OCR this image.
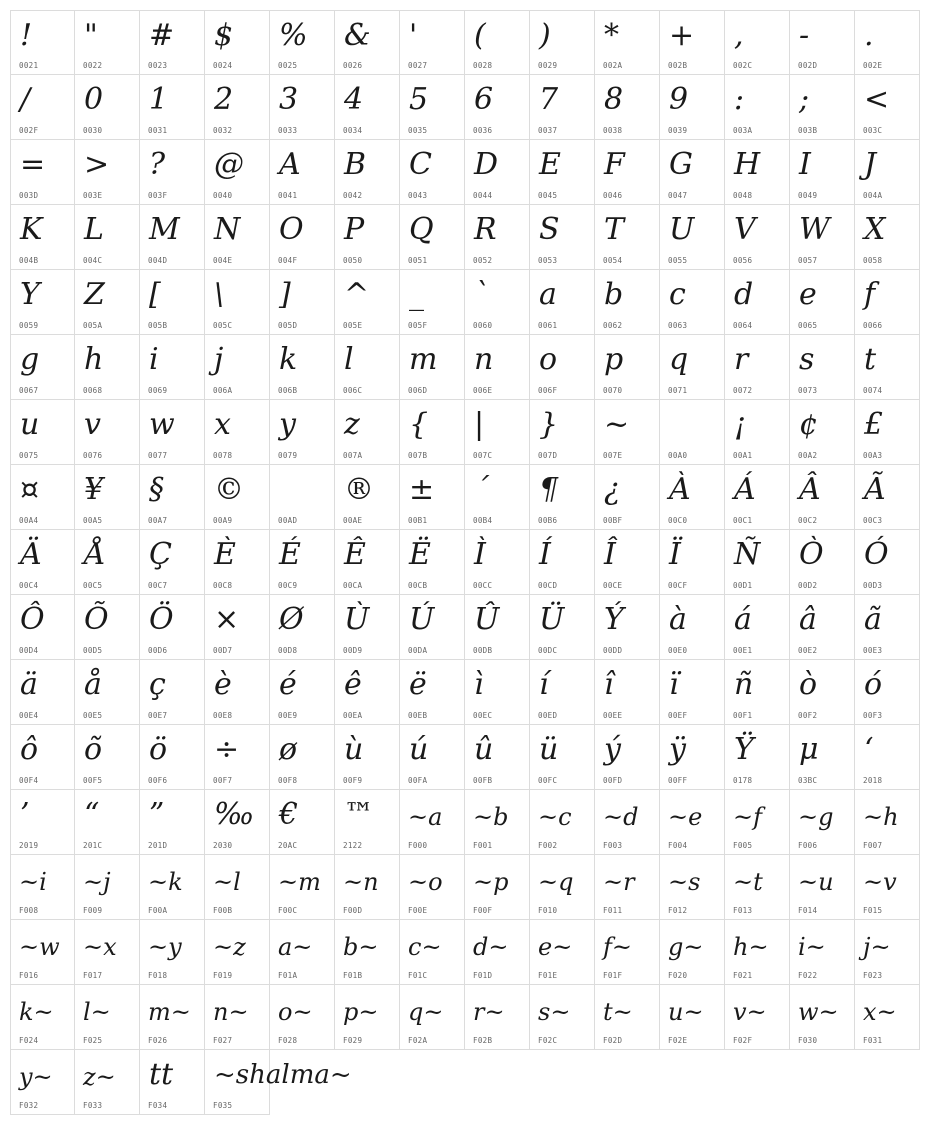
!
0021
"
0022
#
0023
$
0024
%
0025
&
0026
'
0027
(
0028
)
0029
*
002A
+
002B
,
002C
-
002D
.
002E
/
002F
0
0030
1
0031
2
0032
3
0033
4
0034
5
0035
6
0036
7
0037
8
0038
9
0039
:
003A
;
003B
<
003C
=
003D
>
003E
?
003F
@
0040
A
0041
B
0042
C
0043
D
0044
E
0045
F
0046
G
0047
H
0048
I
0049
J
004A
K
004B
L
004C
M
004D
N
004E
O
004F
P
0050
Q
0051
R
0052
S
0053
T
0054
U
0055
V
0056
W
0057
X
0058
Y
0059
Z
005A
[
005B
\
005C
]
005D
^
005E
_
005F
`
0060
a
0061
b
0062
c
0063
d
0064
e
0065
f
0066
g
0067
h
0068
i
0069
j
006A
k
006B
l
006C
m
006D
n
006E
o
006F
p
0070
q
0071
r
0072
s
0073
t
0074
u
0075
v
0076
w
0077
x
0078
y
0079
z
007A
{
007B
|
007C
}
007D
~
007E	00A0
¡
00A1
¢
00A2
£
00A3
¤
00A4
¥
00A5
§
00A7
©
00A9	00AD
®
00AE
±
00B1
´
00B4
¶
00B6
¿
00BF
À
00C0
Á
00C1
Â
00C2
Ã
00C3
Ä
00C4
Å
00C5
Ç
00C7
È
00C8
É
00C9
Ê
00CA
Ë
00CB
Ì
00CC
Í
00CD
Î
00CE
Ï
00CF
Ñ
00D1
Ò
00D2
Ó
00D3
Ô
00D4
Õ
00D5
Ö
00D6
×
00D7
Ø
00D8
Ù
00D9
Ú
00DA
Û
00DB
Ü
00DC
Ý
00DD
à
00E0
á
00E1
â
00E2
ã
00E3
ä
00E4
å
00E5
ç
00E7
è
00E8
é
00E9
ê
00EA
ë
00EB
ì
00EC
í
00ED
î
00EE
ï
00EF
ñ
00F1
ò
00F2
ó
00F3
ô
00F4
õ
00F5
ö
00F6
÷
00F7
ø
00F8
ù
00F9
ú
00FA
û
00FB
ü
00FC
ý
00FD
ÿ
00FF
Ÿ
0178
μ
03BC
‘
2018
’
2019
“
201C
”
201D
‰
2030
€
20AC
™
2122
~a
F000
~b
F001
~c
F002
~d
F003
~e
F004
~f
F005
~g
F006
~h
F007
~i
F008
~j
F009
~k
F00A
~l
F00B
~m
F00C
~n
F00D
~o
F00E
~p
F00F
~q
F010
~r
F011
~s
F012
~t
F013
~u
F014
~v
F015
~w
F016
~x
F017
~y
F018
~z
F019
a~
F01A
b~
F01B
c~
F01C
d~
F01D
e~
F01E
f~
F01F
g~
F020
h~
F021
i~
F022
j~
F023
k~
F024
l~
F025
m~
F026
n~
F027
o~
F028
p~
F029
q~
F02A
r~
F02B
s~
F02C
t~
F02D
u~
F02E
v~
F02F
w~
F030
x~
F031
y~
F032
z~
F033
tt
F034
~shalma~
F035
